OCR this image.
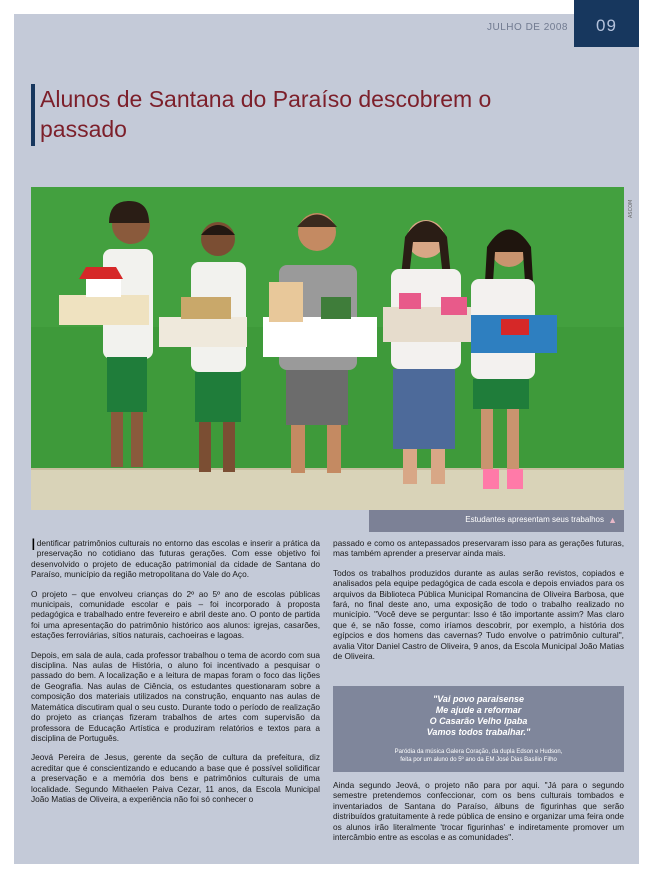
JULHO DE 2008	09
Alunos de Santana do Paraíso descobrem o passado
ASCOM
Estudantes apresentam seus trabalhos ▲

Identificar patrimônios culturais no entorno das escolas e inserir a prática da preservação no cotidiano das futuras gerações. Com esse objetivo foi desenvolvido o projeto de educação patrimonial da cidade de Santana do Paraíso, município da região metropolitana do Vale do Aço.

O projeto – que envolveu crianças do 2º ao 5º ano de escolas públicas municipais, comunidade escolar e pais – foi incorporado à proposta pedagógica e trabalhado entre fevereiro e abril deste ano. O ponto de partida foi uma apresentação do patrimônio histórico aos alunos: igrejas, casarões, estações ferroviárias, sítios naturais, cachoeiras e lagoas.

Depois, em sala de aula, cada professor trabalhou o tema de acordo com sua disciplina. Nas aulas de História, o aluno foi incentivado a pesquisar o passado do bem. A localização e a leitura de mapas foram o foco das lições de Geografia. Nas aulas de Ciência, os estudantes questionaram sobre a composição dos materiais utilizados na construção, enquanto nas aulas de Matemática discutiram qual o seu custo. Durante todo o período de realização do projeto as crianças fizeram trabalhos de artes com supervisão da professora de Educação Artística e produziram relatórios e textos para a disciplina de Português.

Jeová Pereira de Jesus, gerente da seção de cultura da prefeitura, diz acreditar que é conscientizando e educando a base que é possível solidificar a preservação e a memória dos bens e patrimônios culturais de uma localidade. Segundo Mithaelen Paiva Cezar, 11 anos, da Escola Municipal João Matias de Oliveira, a experiência não foi só conhecer o

passado e como os antepassados preservaram isso para as gerações futuras, mas também aprender a preservar ainda mais.

Todos os trabalhos produzidos durante as aulas serão revistos, copiados e analisados pela equipe pedagógica de cada escola e depois enviados para os arquivos da Biblioteca Pública Municipal Romancina de Oliveira Barbosa, que fará, no final deste ano, uma exposição de todo o trabalho realizado no município. "Você deve se perguntar: Isso é tão importante assim? Mas claro que é, se não fosse, como iríamos descobrir, por exemplo, a história dos egípcios e dos homens das cavernas? Tudo envolve o patrimônio cultural", avalia Vitor Daniel Castro de Oliveira, 9 anos, da Escola Municipal João Matias de Oliveira.

"Vai povo paraisense
Me ajude a reformar
O Casarão Velho Ipaba
Vamos todos trabalhar."
Paródia da música Galera Coração, da dupla Edson e Hudson,
feita por um aluno do 5º ano da EM José Dias Basílio Filho

Ainda segundo Jeová, o projeto não para por aqui. "Já para o segundo semestre pretendemos confeccionar, com os bens culturais tombados e inventariados de Santana do Paraíso, álbuns de figurinhas que serão distribuídos gratuitamente à rede pública de ensino e organizar uma feira onde os alunos irão literalmente 'trocar figurinhas' e indiretamente promover um intercâmbio entre as escolas e as comunidades".
